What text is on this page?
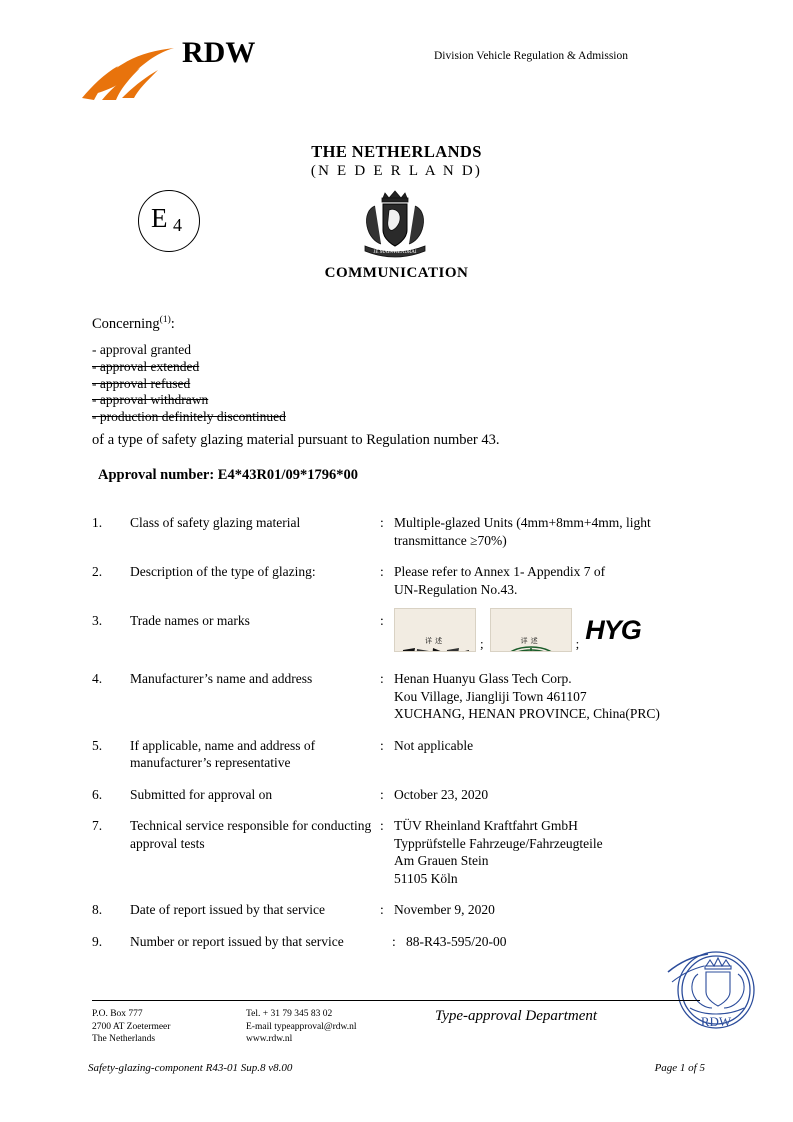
RDW	Division Vehicle Regulation & Admission
THE NETHERLANDS
(N E D E R L A N D)
E 4
JE MAINTIENDRAI
COMMUNICATION
Concerning$^{(1)}$:
- approval granted
- approval extended
- approval refused
- approval withdrawn
- production definitely discontinued
of a type of safety glazing material pursuant to Regulation number 43.
Approval number: E4*43R01/09*1796*00
1.	Class of safety glazing material	: Multiple-glazed Units (4mm+8mm+4mm, light
transmittance ≥70%)
2.	Description of the type of glazing:	: Please refer to Annex 1- Appendix 7 of
UN-Regulation No.43.
3.	Trade names or marks	:

详述

	;

	详述

	; HYG
4.	Manufacturer’s name and address	: Henan Huanyu Glass Tech Corp.
Kou Village, Jiangliji Town 461107
XUCHANG, HENAN PROVINCE, China(PRC)
5.	If applicable, name and address of manufacturer’s representative
: Not applicable
6.	Submitted for approval on	: October 23, 2020
7.	Technical service responsible for conducting approval tests
: TÜV Rheinland Kraftfahrt GmbH
Typprüfstelle Fahrzeuge/Fahrzeugteile
Am Grauen Stein
51105 Köln
8.	Date of report issued by that service	: November 9, 2020
9.	Number or report issued by that service	: 88-R43-595/20-00
RDW
P.O. Box 777
2700 AT Zoetermeer
The Netherlands
Tel. + 31 79 345 83 02
E-mail typeapproval@rdw.nl
www.rdw.nl
Type-approval Department
Safety-glazing-component R43-01 Sup.8 v8.00	Page 1 of 5
